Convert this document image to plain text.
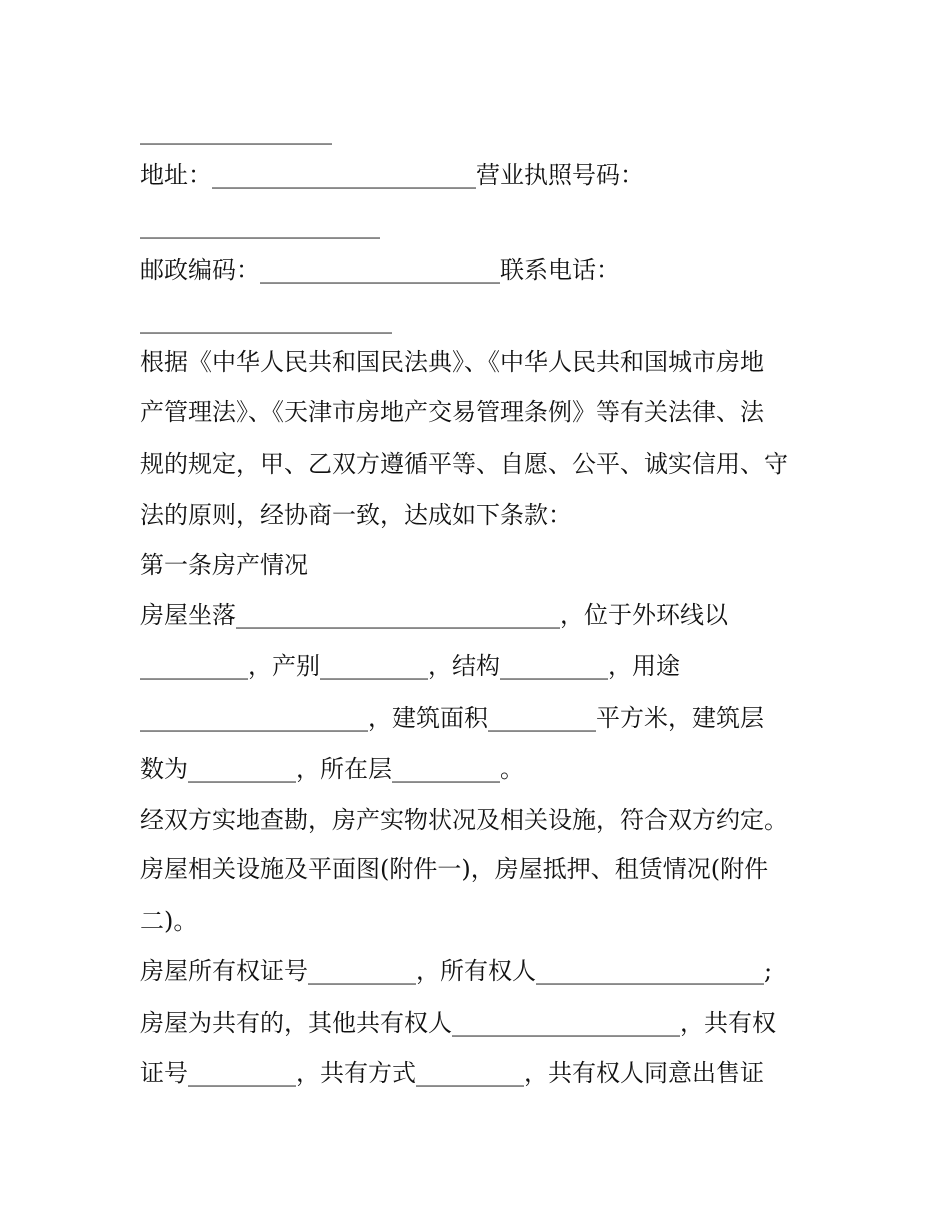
________________
地址：______________________营业执照号码：
____________________
邮政编码：____________________联系电话：
_____________________
根据《中华人民共和国民法典》、《中华人民共和国城市房地
产管理法》、《天津市房地产交易管理条例》等有关法律、法
规的规定，甲、乙双方遵循平等、自愿、公平、诚实信用、守
法的原则，经协商一致，达成如下条款：
第一条房产情况
房屋坐落___________________________，位于外环线以
_________，产别_________，结构_________，用途
___________________，建筑面积_________平方米，建筑层
数为_________，所在层_________。
经双方实地查勘，房产实物状况及相关设施，符合双方约定。
房屋相关设施及平面图(附件一)，房屋抵押、租赁情况(附件
二)。
房屋所有权证号_________，所有权人___________________;
房屋为共有的，其他共有权人___________________，共有权
证号_________，共有方式_________，共有权人同意出售证
